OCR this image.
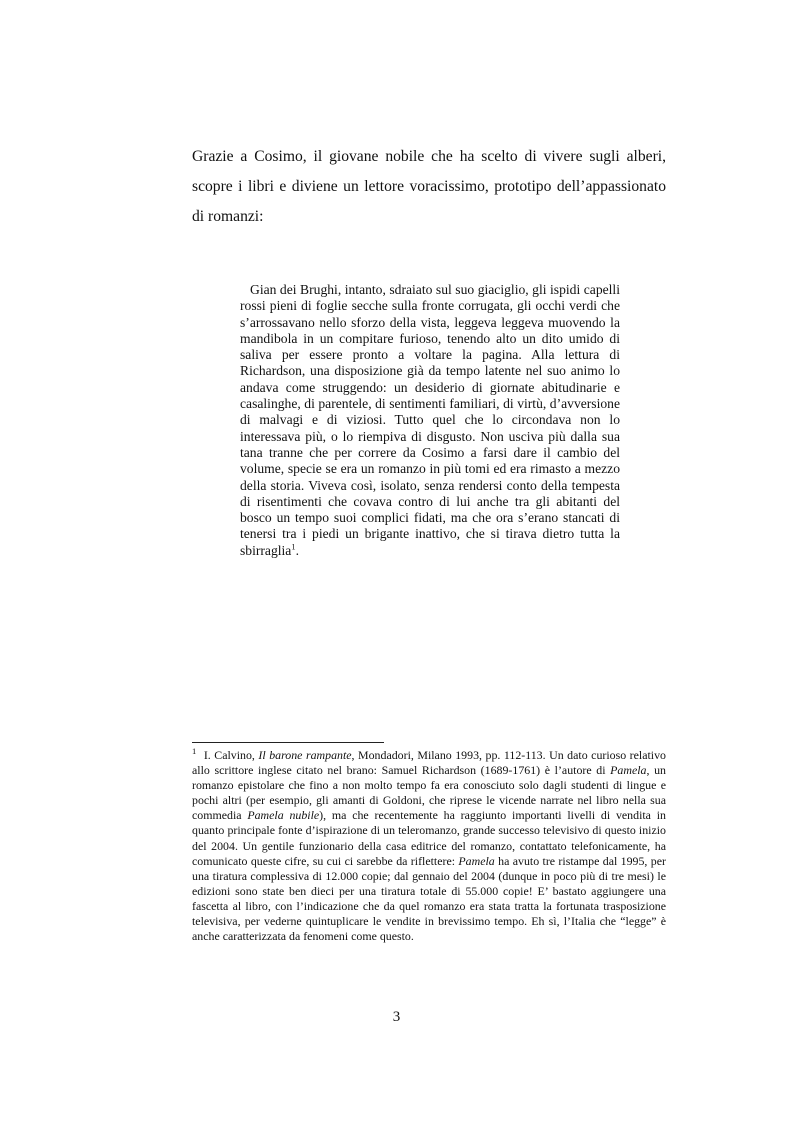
Grazie a Cosimo, il giovane nobile che ha scelto di vivere sugli alberi, scopre i libri e diviene un lettore voracissimo, prototipo dell’appassionato di romanzi:

Gian dei Brughi, intanto, sdraiato sul suo giaciglio, gli ispidi capelli rossi pieni di foglie secche sulla fronte corrugata, gli occhi verdi che s’arrossavano nello sforzo della vista, leggeva leggeva muovendo la mandibola in un compitare furioso, tenendo alto un dito umido di saliva per essere pronto a voltare la pagina. Alla lettura di Richardson, una disposizione già da tempo latente nel suo animo lo andava come struggendo: un desiderio di giornate abitudinarie e casalinghe, di parentele, di sentimenti familiari, di virtù, d’avversione di malvagi e di viziosi. Tutto quel che lo circondava non lo interessava più, o lo riempiva di disgusto. Non usciva più dalla sua tana tranne che per correre da Cosimo a farsi dare il cambio del volume, specie se era un romanzo in più tomi ed era rimasto a mezzo della storia. Viveva così, isolato, senza rendersi conto della tempesta di risentimenti che covava contro di lui anche tra gli abitanti del bosco un tempo suoi complici fidati, ma che ora s’erano stancati di tenersi tra i piedi un brigante inattivo, che si tirava dietro tutta la sbirraglia$^1$.

$^1$ I. Calvino, Il barone rampante, Mondadori, Milano 1993, pp. 112-113. Un dato curioso relativo allo scrittore inglese citato nel brano: Samuel Richardson (1689-1761) è l’autore di Pamela, un romanzo epistolare che fino a non molto tempo fa era conosciuto solo dagli studenti di lingue e pochi altri (per esempio, gli amanti di Goldoni, che riprese le vicende narrate nel libro nella sua commedia Pamela nubile), ma che recentemente ha raggiunto importanti livelli di vendita in quanto principale fonte d’ispirazione di un teleromanzo, grande successo televisivo di questo inizio del 2004. Un gentile funzionario della casa editrice del romanzo, contattato telefonicamente, ha comunicato queste cifre, su cui ci sarebbe da riflettere: Pamela ha avuto tre ristampe dal 1995, per una tiratura complessiva di 12.000 copie; dal gennaio del 2004 (dunque in poco più di tre mesi) le edizioni sono state ben dieci per una tiratura totale di 55.000 copie! E’ bastato aggiungere una fascetta al libro, con l’indicazione che da quel romanzo era stata tratta la fortunata trasposizione televisiva, per vederne quintuplicare le vendite in brevissimo tempo. Eh sì, l’Italia che “legge” è anche caratterizzata da fenomeni come questo.

3
